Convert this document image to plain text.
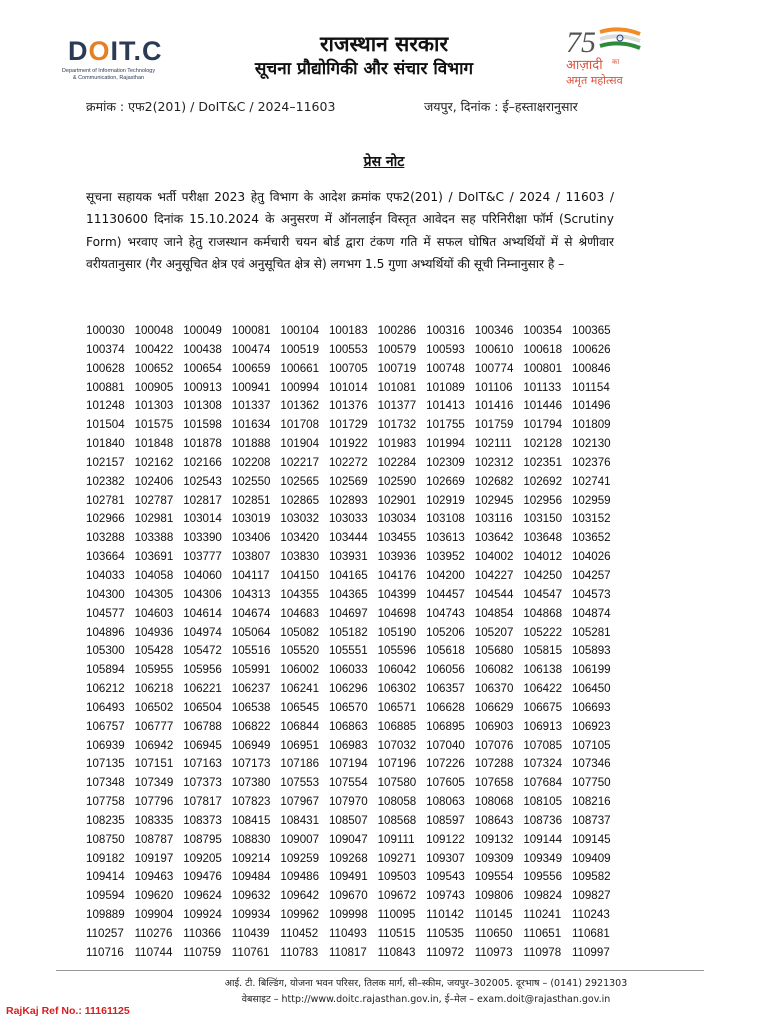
DOIT.C
Department of Information Technology
& Communication, Rajasthan
राजस्थान सरकार
सूचना प्रौद्योगिकी और संचार विभाग
75
आज़ादी का
अमृत महोत्सव
क्रमांक : एफ2(201) / DoIT&C / 2024–11603	जयपुर, दिनांक : ई–हस्ताक्षरानुसार
प्रेस नोट

सूचना सहायक भर्ती परीक्षा 2023 हेतु विभाग के आदेश क्रमांक एफ2(201) / DoIT&C / 2024 / 11603 / 11130600 दिनांक 15.10.2024 के अनुसरण में ऑनलाईन विस्तृत आवेदन सह परिनिरीक्षा फॉर्म (Scrutiny Form) भरवाए जाने हेतु राजस्थान कर्मचारी चयन बोर्ड द्वारा टंकण गति में सफल घोषित अभ्यर्थियों में से श्रेणीवार वरीयतानुसार (गैर अनुसूचित क्षेत्र एवं अनुसूचित क्षेत्र से) लगभग 1.5 गुणा अभ्यर्थियों की सूची निम्नानुसार है –

100030 100048 100049 100081 100104 100183 100286 100316 100346 100354 100365
100374 100422 100438 100474 100519 100553 100579 100593 100610 100618 100626
100628 100652 100654 100659 100661 100705 100719 100748 100774 100801 100846
100881 100905 100913 100941 100994 101014 101081 101089 101106 101133 101154
101248 101303 101308 101337 101362 101376 101377 101413 101416 101446 101496
101504 101575 101598 101634 101708 101729 101732 101755 101759 101794 101809
101840 101848 101878 101888 101904 101922 101983 101994 102111	102128 102130
102157 102162 102166 102208 102217 102272 102284 102309 102312 102351 102376
102382 102406 102543 102550 102565 102569 102590 102669 102682 102692 102741
102781 102787 102817 102851 102865 102893 102901 102919 102945 102956 102959
102966 102981 103014 103019 103032 103033 103034 103108 103116 103150 103152
103288 103388 103390 103406 103420 103444 103455 103613 103642 103648 103652
103664 103691 103777 103807 103830 103931 103936 103952 104002 104012 104026
104033 104058 104060 104117 104150 104165 104176 104200 104227 104250 104257
104300 104305 104306 104313 104355 104365 104399 104457 104544 104547 104573
104577 104603 104614 104674 104683 104697 104698 104743 104854 104868 104874
104896 104936 104974 105064 105082 105182 105190 105206 105207 105222 105281
105300 105428 105472 105516 105520 105551 105596 105618 105680 105815 105893
105894 105955 105956 105991 106002 106033 106042 106056 106082 106138 106199
106212 106218 106221 106237 106241 106296 106302 106357 106370 106422 106450
106493 106502 106504 106538 106545 106570 106571 106628 106629 106675 106693
106757 106777 106788 106822 106844 106863 106885 106895 106903 106913 106923
106939 106942 106945 106949 106951 106983 107032 107040 107076 107085 107105
107135 107151 107163 107173 107186 107194 107196 107226 107288 107324 107346
107348 107349 107373 107380 107553 107554 107580 107605 107658 107684 107750
107758 107796 107817 107823 107967 107970 108058 108063 108068 108105 108216
108235 108335 108373 108415 108431 108507 108568 108597 108643 108736 108737
108750 108787 108795 108830 109007 109047 109111	109122 109132 109144 109145
109182 109197 109205 109214 109259 109268 109271 109307 109309 109349 109409
109414 109463 109476 109484 109486 109491 109503 109543 109554 109556 109582
109594 109620 109624 109632 109642 109670 109672 109743 109806 109824 109827
109889 109904 109924 109934 109962 109998 110095 110142 110145 110241 110243
110257 110276 110366 110439 110452 110493 110515 110535 110650 110651 110681
110716 110744 110759 110761 110783 110817 110843 110972 110973 110978 110997
आई. टी. बिल्डिंग, योजना भवन परिसर, तिलक मार्ग, सी–स्कीम, जयपुर–302005. दूरभाष – (0141) 2921303
वेबसाइट – http://www.doitc.rajasthan.gov.in, ई–मेल – exam.doit@rajasthan.gov.in
RajKaj Ref No.: 11161125
